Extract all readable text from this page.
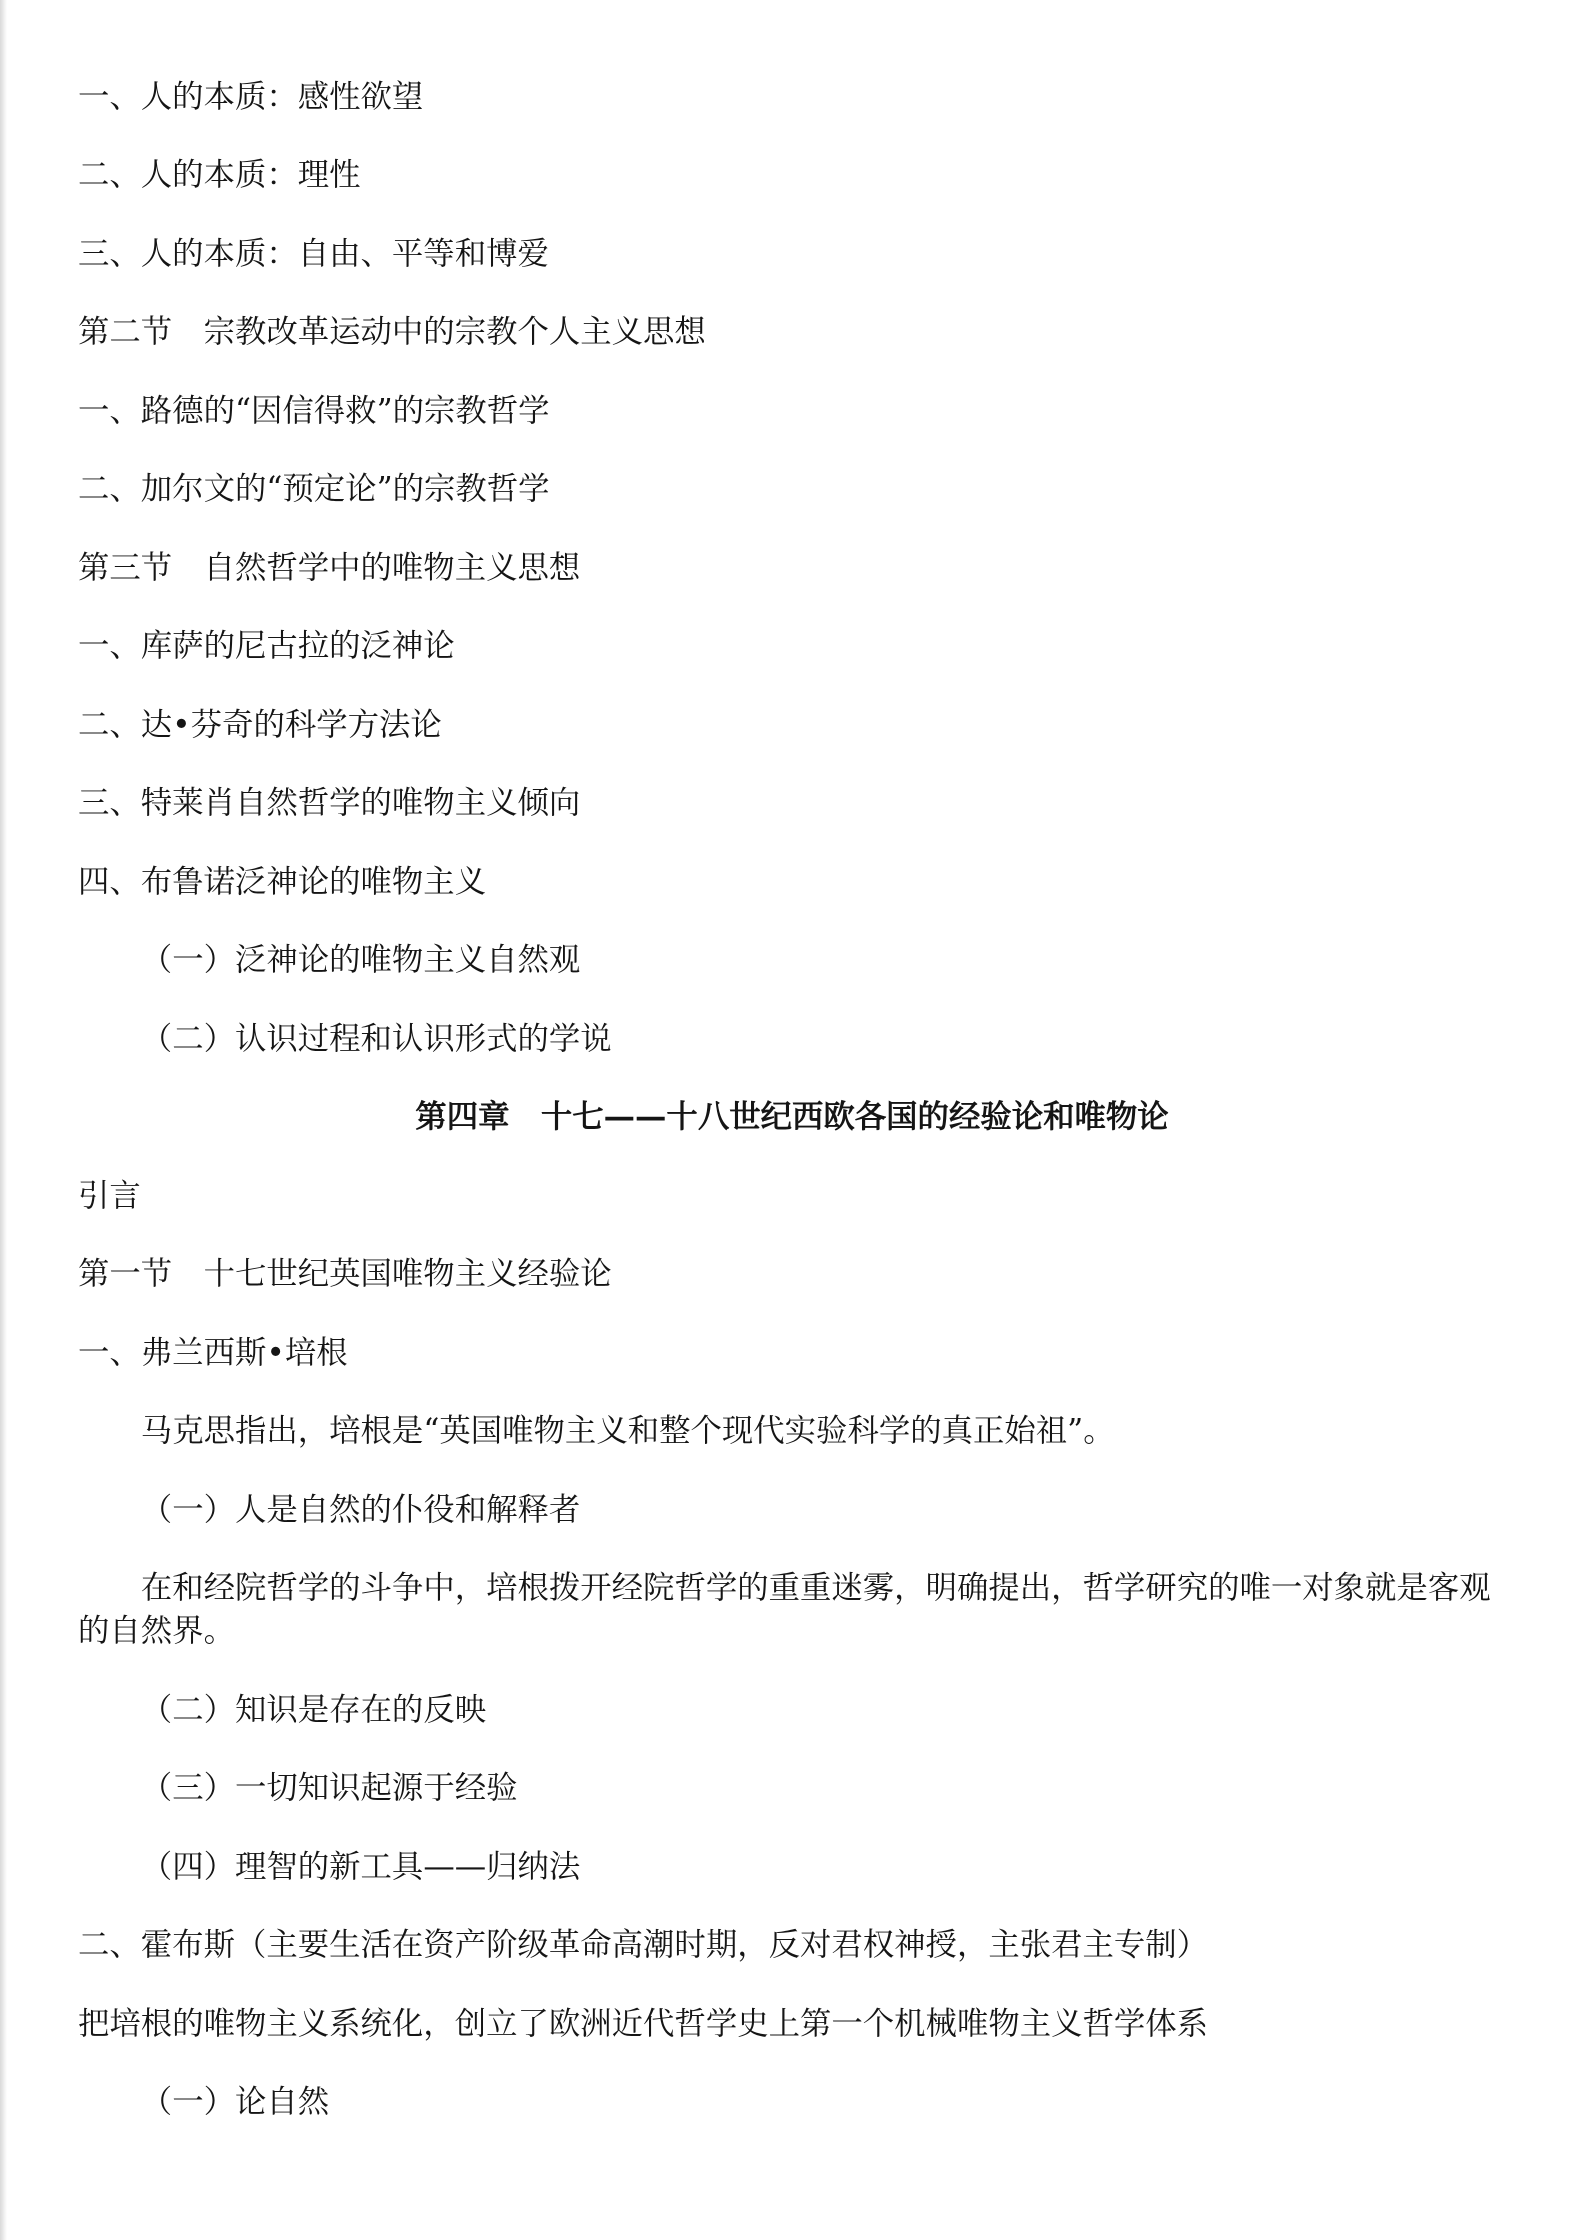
一、人的本质：感性欲望
二、人的本质：理性
三、人的本质：自由、平等和博爱
第二节　宗教改革运动中的宗教个人主义思想
一、路德的“因信得救”的宗教哲学
二、加尔文的“预定论”的宗教哲学
第三节　自然哲学中的唯物主义思想
一、库萨的尼古拉的泛神论
二、达•芬奇的科学方法论
三、特莱肖自然哲学的唯物主义倾向
四、布鲁诺泛神论的唯物主义
（一）泛神论的唯物主义自然观
（二）认识过程和认识形式的学说
第四章　十七——十八世纪西欧各国的经验论和唯物论
引言
第一节　十七世纪英国唯物主义经验论
一、弗兰西斯•培根
马克思指出，培根是“英国唯物主义和整个现代实验科学的真正始祖”。
（一）人是自然的仆役和解释者
在和经院哲学的斗争中，培根拨开经院哲学的重重迷雾，明确提出，哲学研究的唯一对象就是客观的自然界。
（二）知识是存在的反映
（三）一切知识起源于经验
（四）理智的新工具——归纳法
二、霍布斯（主要生活在资产阶级革命高潮时期，反对君权神授，主张君主专制）
把培根的唯物主义系统化，创立了欧洲近代哲学史上第一个机械唯物主义哲学体系
（一）论自然
